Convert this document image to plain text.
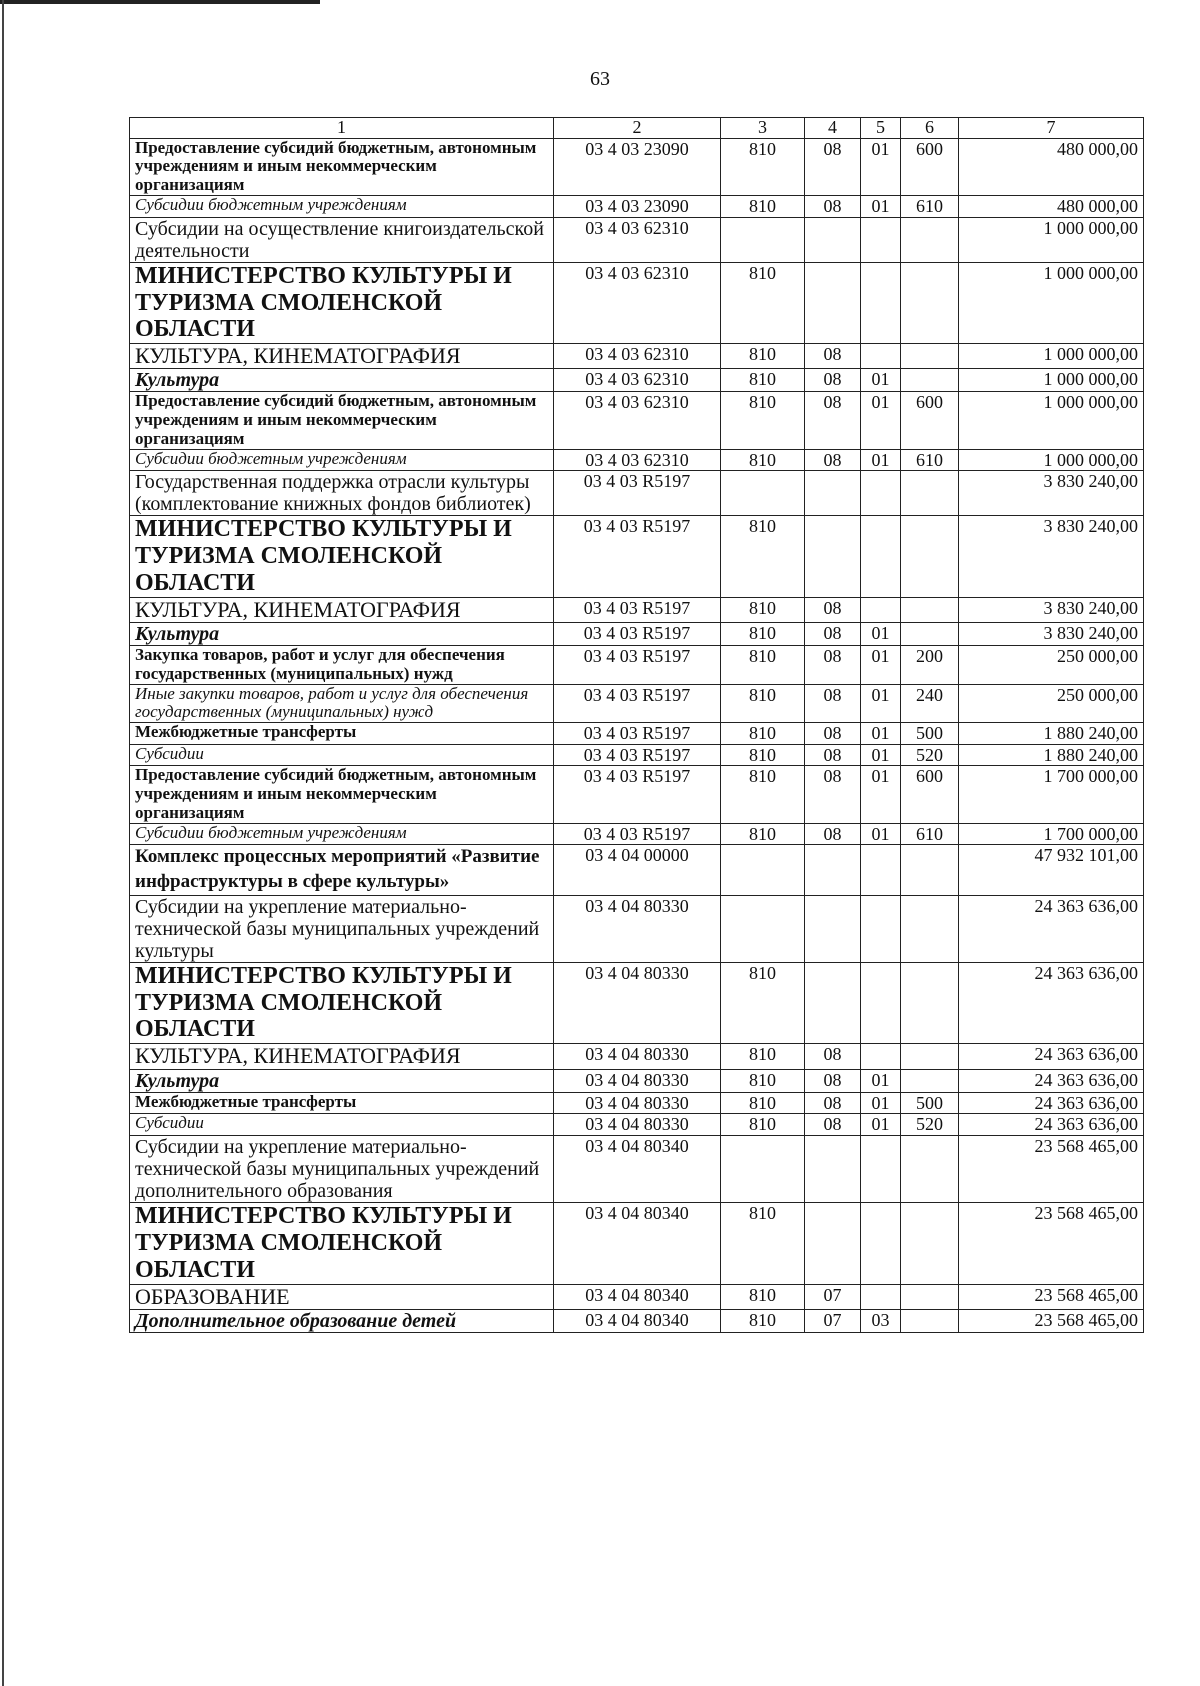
63
1	2	3	4	5	6	7
Предоставление субсидий бюджетным, автономным учреждениям и иным некоммерческим организациям	03 4 03 23090	810	08	01	600	480 000,00
Субсидии бюджетным учреждениям	03 4 03 23090	810	08	01	610	480 000,00
Субсидии на осуществление книгоиздательской деятельности	03 4 03 62310					1 000 000,00
МИНИСТЕРСТВО КУЛЬТУРЫ И ТУРИЗМА СМОЛЕНСКОЙ ОБЛАСТИ	03 4 03 62310	810				1 000 000,00
КУЛЬТУРА, КИНЕМАТОГРАФИЯ	03 4 03 62310	810	08			1 000 000,00
Культура	03 4 03 62310	810	08	01		1 000 000,00
Предоставление субсидий бюджетным, автономным учреждениям и иным некоммерческим организациям	03 4 03 62310	810	08	01	600	1 000 000,00
Субсидии бюджетным учреждениям	03 4 03 62310	810	08	01	610	1 000 000,00
Государственная поддержка отрасли культуры (комплектование книжных фондов библиотек)	03 4 03 R5197					3 830 240,00
МИНИСТЕРСТВО КУЛЬТУРЫ И ТУРИЗМА СМОЛЕНСКОЙ ОБЛАСТИ	03 4 03 R5197	810				3 830 240,00
КУЛЬТУРА, КИНЕМАТОГРАФИЯ	03 4 03 R5197	810	08			3 830 240,00
Культура	03 4 03 R5197	810	08	01		3 830 240,00
Закупка товаров, работ и услуг для обеспечения государственных (муниципальных) нужд	03 4 03 R5197	810	08	01	200	250 000,00
Иные закупки товаров, работ и услуг для обеспечения государственных (муниципальных) нужд	03 4 03 R5197	810	08	01	240	250 000,00
Межбюджетные трансферты	03 4 03 R5197	810	08	01	500	1 880 240,00
Субсидии	03 4 03 R5197	810	08	01	520	1 880 240,00
Предоставление субсидий бюджетным, автономным учреждениям и иным некоммерческим организациям	03 4 03 R5197	810	08	01	600	1 700 000,00
Субсидии бюджетным учреждениям	03 4 03 R5197	810	08	01	610	1 700 000,00
Комплекс процессных мероприятий «Развитие инфраструктуры в сфере культуры»	03 4 04 00000					47 932 101,00
Субсидии на укрепление материально-технической базы муниципальных учреждений культуры	03 4 04 80330					24 363 636,00
МИНИСТЕРСТВО КУЛЬТУРЫ И ТУРИЗМА СМОЛЕНСКОЙ ОБЛАСТИ	03 4 04 80330	810				24 363 636,00
КУЛЬТУРА, КИНЕМАТОГРАФИЯ	03 4 04 80330	810	08			24 363 636,00
Культура	03 4 04 80330	810	08	01		24 363 636,00
Межбюджетные трансферты	03 4 04 80330	810	08	01	500	24 363 636,00
Субсидии	03 4 04 80330	810	08	01	520	24 363 636,00
Субсидии на укрепление материально-технической базы муниципальных учреждений дополнительного образования	03 4 04 80340					23 568 465,00
МИНИСТЕРСТВО КУЛЬТУРЫ И ТУРИЗМА СМОЛЕНСКОЙ ОБЛАСТИ	03 4 04 80340	810				23 568 465,00
ОБРАЗОВАНИЕ	03 4 04 80340	810	07			23 568 465,00
Дополнительное образование детей	03 4 04 80340	810	07	03		23 568 465,00
